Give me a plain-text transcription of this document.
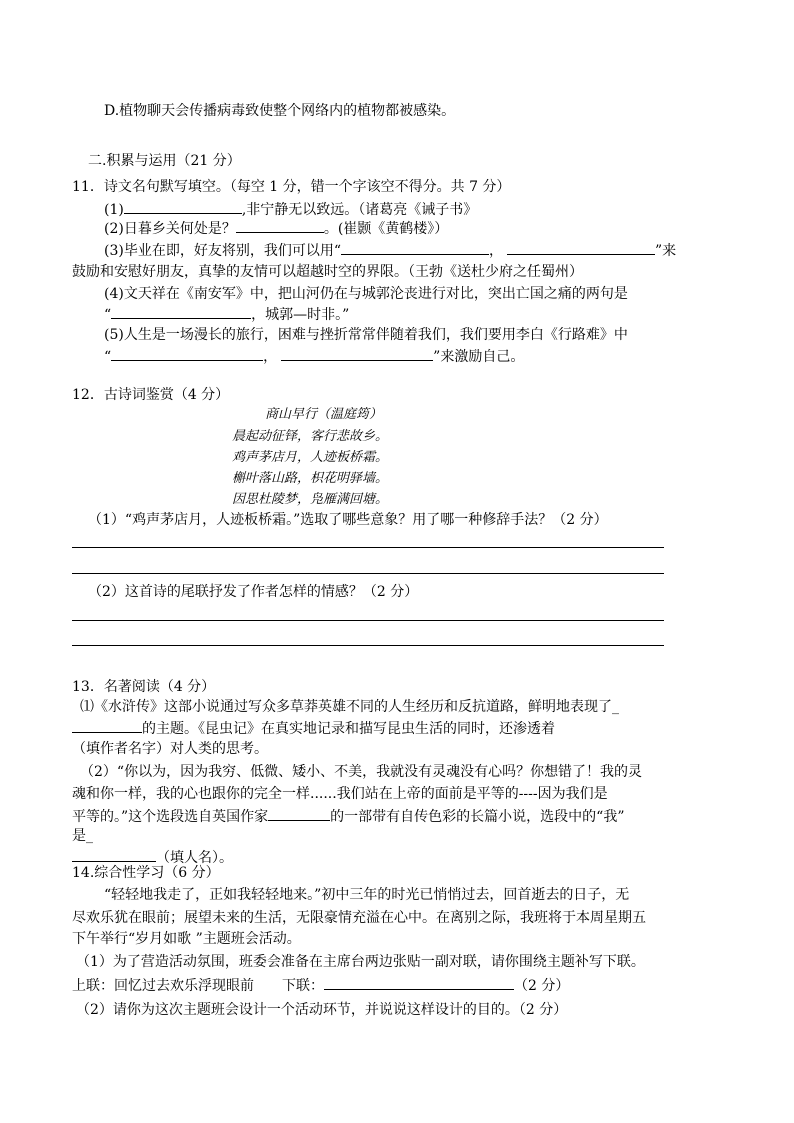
D.植物聊天会传播病毒致使整个网络内的植物都被感染。
二.积累与运用（21 分）
11．诗文名句默写填空。（每空 1 分，错一个字该空不得分。共 7 分）
(1)	,非宁静无以致远。（诸葛亮《诫子书》
(2)日暮乡关何处是？	。(崔颢《黄鹤楼》）
(3)毕业在即，好友将别，我们可以用“	，	”来
鼓励和安慰好朋友，真挚的友情可以超越时空的界限。（王勃《送杜少府之任蜀州）
(4)文天祥在《南安军》中，把山河仍在与城郭沦丧进行对比，突出亡国之痛的两句是
“	，城郭—时非。”
(5)人生是一场漫长的旅行，困难与挫折常常伴随着我们，我们要用李白《行路难》中
“	，	”来激励自己。
12．古诗词鉴赏（4 分）
商山早行（温庭筠）
晨起动征铎，客行悲故乡。
鸡声茅店月，人迹板桥霜。
槲叶落山路，枳花明驿墙。
因思杜陵梦，凫雁满回塘。
（1）“鸡声茅店月，人迹板桥霜。”选取了哪些意象？用了哪一种修辞手法？（2 分）
（2）这首诗的尾联抒发了作者怎样的情感？（2 分）
13．名著阅读（4 分）
⑴《水浒传》这部小说通过写众多草莽英雄不同的人生经历和反抗道路，鲜明地表现了_
的主题。《昆虫记》在真实地记录和描写昆虫生活的同时，还渗透着
（填作者名字）对人类的思考。
（2）“你以为，因为我穷、低微、矮小、不美，我就没有灵魂没有心吗？你想错了！我的灵
魂和你一样，我的心也跟你的完全一样......我们站在上帝的面前是平等的----因为我们是
平等的。”这个选段选自英国作家	的一部带有自传色彩的长篇小说，选段中的“我”
是_
（填人名）。
14.综合性学习（6 分）
“轻轻地我走了，正如我轻轻地来。”初中三年的时光已悄悄过去，回首逝去的日子，无
尽欢乐犹在眼前；展望未来的生活，无限豪情充溢在心中。在离别之际，我班将于本周星期五
下午举行“岁月如歌 ”主题班会活动。
（1）为了营造活动氛围，班委会准备在主席台两边张贴一副对联，请你围绕主题补写下联。
上联：回忆过去欢乐浮现眼前 下联：	（2 分）
（2）请你为这次主题班会设计一个活动环节，并说说这样设计的目的。（2 分）
